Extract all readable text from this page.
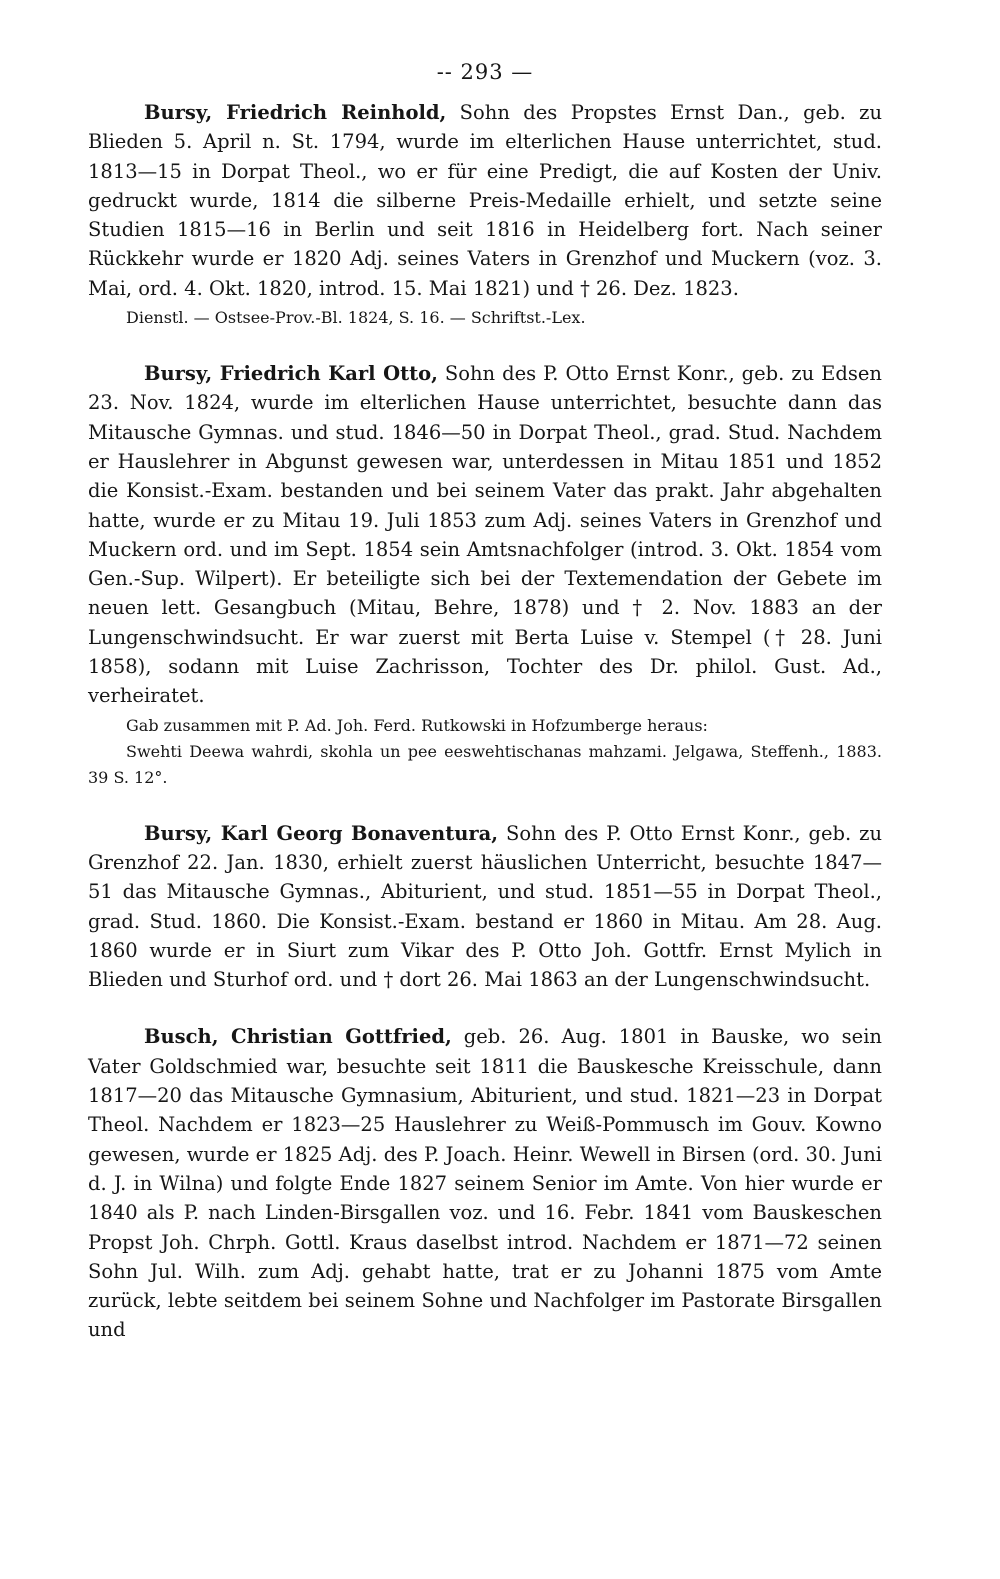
-- 293 —

Bursy, Friedrich Reinhold, Sohn des Propstes Ernst Dan., geb. zu Blieden 5. April n. St. 1794, wurde im elterlichen Hause unterrichtet, stud. 1813—15 in Dorpat Theol., wo er für eine Predigt, die auf Kosten der Univ. gedruckt wurde, 1814 die silberne Preis-Medaille erhielt, und setzte seine Studien 1815—16 in Berlin und seit 1816 in Heidelberg fort. Nach seiner Rückkehr wurde er 1820 Adj. seines Vaters in Grenzhof und Muckern (voz. 3. Mai, ord. 4. Okt. 1820, introd. 15. Mai 1821) und † 26. Dez. 1823.

Dienstl. — Ostsee-Prov.-Bl. 1824, S. 16. — Schriftst.-Lex.

Bursy, Friedrich Karl Otto, Sohn des P. Otto Ernst Konr., geb. zu Edsen 23. Nov. 1824, wurde im elterlichen Hause unterrichtet, besuchte dann das Mitausche Gymnas. und stud. 1846—50 in Dorpat Theol., grad. Stud. Nachdem er Hauslehrer in Abgunst gewesen war, unterdessen in Mitau 1851 und 1852 die Konsist.-Exam. bestanden und bei seinem Vater das prakt. Jahr abgehalten hatte, wurde er zu Mitau 19. Juli 1853 zum Adj. seines Vaters in Grenzhof und Muckern ord. und im Sept. 1854 sein Amtsnachfolger (introd. 3. Okt. 1854 vom Gen.-Sup. Wilpert). Er beteiligte sich bei der Textemendation der Gebete im neuen lett. Gesangbuch (Mitau, Behre, 1878) und † 2. Nov. 1883 an der Lungenschwindsucht. Er war zuerst mit Berta Luise v. Stempel († 28. Juni 1858), sodann mit Luise Zachrisson, Tochter des Dr. philol. Gust. Ad., verheiratet.

Gab zusammen mit P. Ad. Joh. Ferd. Rutkowski in Hofzumberge heraus:

Swehti Deewa wahrdi, skohla un pee eeswehtischanas mahzami. Jelgawa, Steffenh., 1883. 39 S. 12°.

Bursy, Karl Georg Bonaventura, Sohn des P. Otto Ernst Konr., geb. zu Grenzhof 22. Jan. 1830, erhielt zuerst häuslichen Unterricht, besuchte 1847—51 das Mitausche Gymnas., Abiturient, und stud. 1851—55 in Dorpat Theol., grad. Stud. 1860. Die Konsist.-Exam. bestand er 1860 in Mitau. Am 28. Aug. 1860 wurde er in Siurt zum Vikar des P. Otto Joh. Gottfr. Ernst Mylich in Blieden und Sturhof ord. und † dort 26. Mai 1863 an der Lungenschwindsucht.

Busch, Christian Gottfried, geb. 26. Aug. 1801 in Bauske, wo sein Vater Goldschmied war, besuchte seit 1811 die Bauskesche Kreisschule, dann 1817—20 das Mitausche Gymnasium, Abiturient, und stud. 1821—23 in Dorpat Theol. Nachdem er 1823—25 Hauslehrer zu Weiß-Pommusch im Gouv. Kowno gewesen, wurde er 1825 Adj. des P. Joach. Heinr. Wewell in Birsen (ord. 30. Juni d. J. in Wilna) und folgte Ende 1827 seinem Senior im Amte. Von hier wurde er 1840 als P. nach Linden-Birsgallen voz. und 16. Febr. 1841 vom Bauskeschen Propst Joh. Chrph. Gottl. Kraus daselbst introd. Nachdem er 1871—72 seinen Sohn Jul. Wilh. zum Adj. gehabt hatte, trat er zu Johanni 1875 vom Amte zurück, lebte seitdem bei seinem Sohne und Nachfolger im Pastorate Birsgallen und
